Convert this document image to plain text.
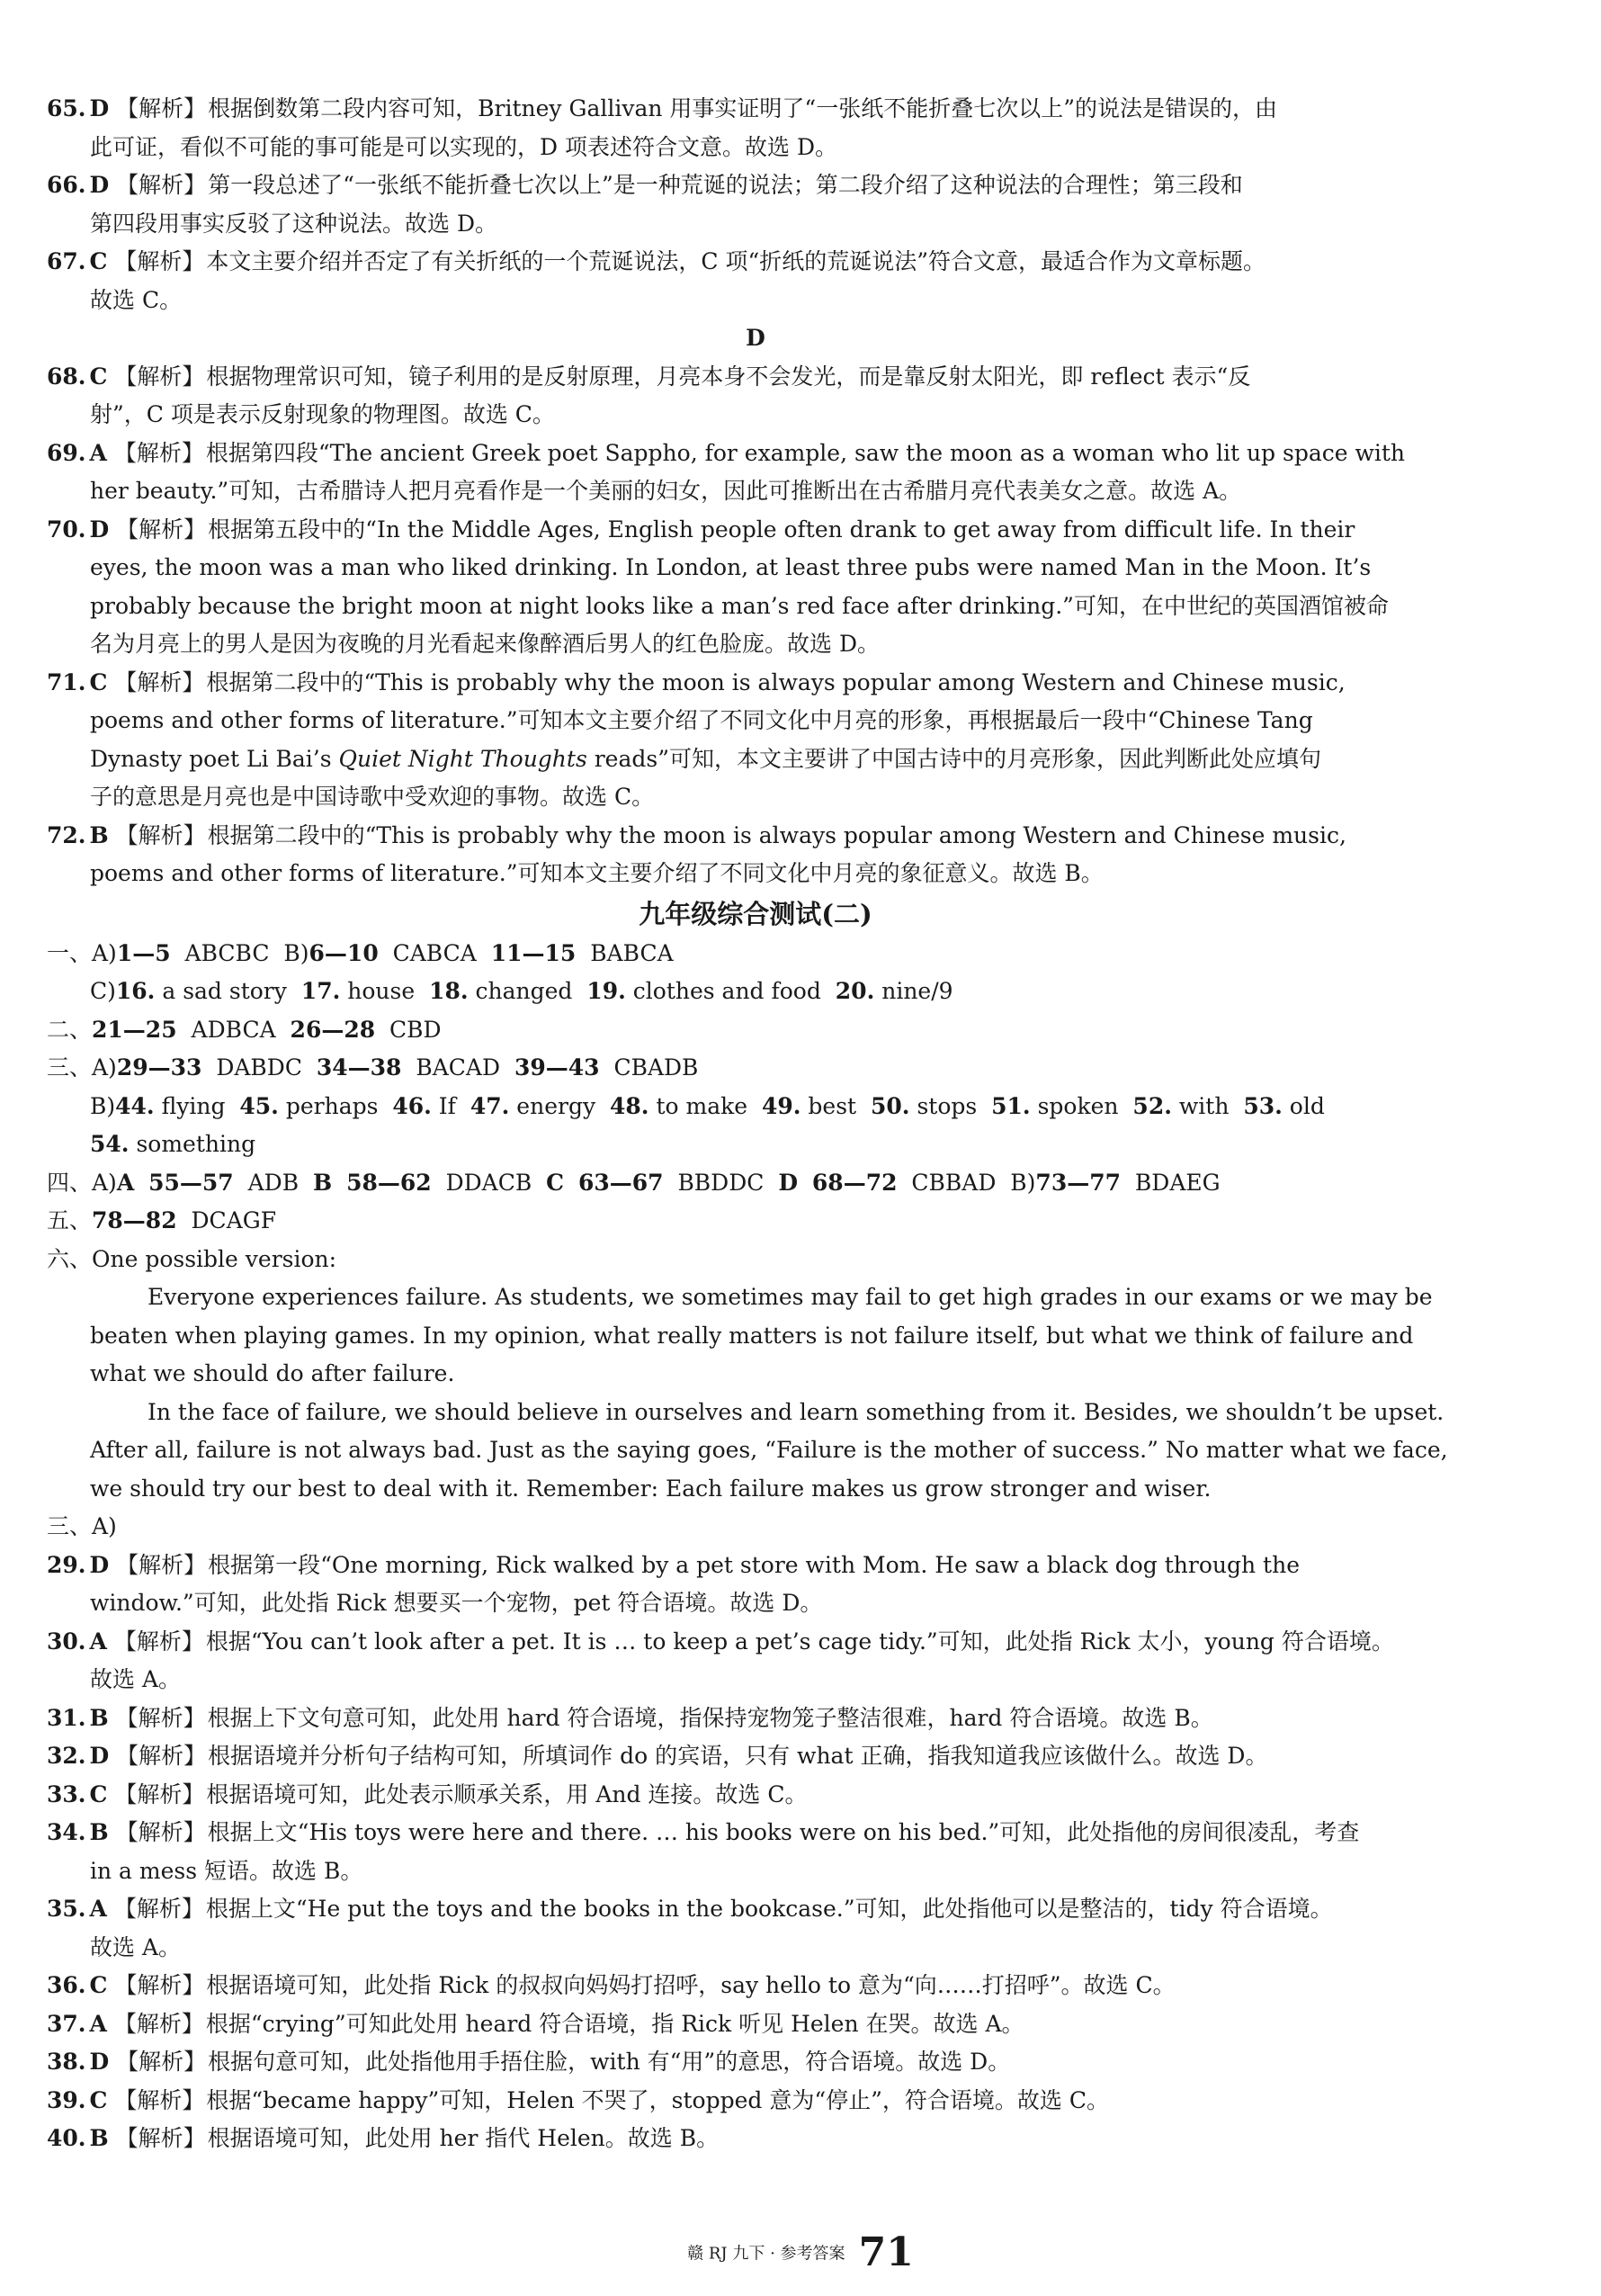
65. D 【解析】根据倒数第二段内容可知，Britney Gallivan 用事实证明了“一张纸不能折叠七次以上”的说法是错误的，由

此可证，看似不可能的事可能是可以实现的，D 项表述符合文意。故选 D。

66. D 【解析】第一段总述了“一张纸不能折叠七次以上”是一种荒诞的说法；第二段介绍了这种说法的合理性；第三段和

第四段用事实反驳了这种说法。故选 D。

67. C 【解析】本文主要介绍并否定了有关折纸的一个荒诞说法，C 项“折纸的荒诞说法”符合文意，最适合作为文章标题。

故选 C。

D

68. C 【解析】根据物理常识可知，镜子利用的是反射原理，月亮本身不会发光，而是靠反射太阳光，即 reflect 表示“反

射”，C 项是表示反射现象的物理图。故选 C。

69. A 【解析】根据第四段“The ancient Greek poet Sappho, for example, saw the moon as a woman who lit up space with

her beauty.”可知，古希腊诗人把月亮看作是一个美丽的妇女，因此可推断出在古希腊月亮代表美女之意。故选 A。

70. D 【解析】根据第五段中的“In the Middle Ages, English people often drank to get away from difficult life. In their

eyes, the moon was a man who liked drinking. In London, at least three pubs were named Man in the Moon. It’s

probably because the bright moon at night looks like a man’s red face after drinking.”可知，在中世纪的英国酒馆被命

名为月亮上的男人是因为夜晚的月光看起来像醉酒后男人的红色脸庞。故选 D。

71. C 【解析】根据第二段中的“This is probably why the moon is always popular among Western and Chinese music,

poems and other forms of literature.”可知本文主要介绍了不同文化中月亮的形象，再根据最后一段中“Chinese Tang

Dynasty poet Li Bai’s Quiet Night Thoughts reads”可知，本文主要讲了中国古诗中的月亮形象，因此判断此处应填句

子的意思是月亮也是中国诗歌中受欢迎的事物。故选 C。

72. B 【解析】根据第二段中的“This is probably why the moon is always popular among Western and Chinese music,

poems and other forms of literature.”可知本文主要介绍了不同文化中月亮的象征意义。故选 B。

九年级综合测试(二)

一、A)1—5 ABCBC B)6—10 CABCA 11—15 BABCA

C)16. a sad story 17. house 18. changed 19. clothes and food 20. nine/9

二、21—25 ADBCA 26—28 CBD

三、A)29—33 DABDC 34—38 BACAD 39—43 CBADB

B)44. flying 45. perhaps 46. If 47. energy 48. to make 49. best 50. stops 51. spoken 52. with 53. old

54. something

四、A)A 55—57 ADB B 58—62 DDACB C 63—67 BBDDC D 68—72 CBBAD B)73—77 BDAEG

五、78—82 DCAGF

六、One possible version:

Everyone experiences failure. As students, we sometimes may fail to get high grades in our exams or we may be

beaten when playing games. In my opinion, what really matters is not failure itself, but what we think of failure and

what we should do after failure.

In the face of failure, we should believe in ourselves and learn something from it. Besides, we shouldn’t be upset.

After all, failure is not always bad. Just as the saying goes, “Failure is the mother of success.” No matter what we face,

we should try our best to deal with it. Remember: Each failure makes us grow stronger and wiser.

三、A)

29. D 【解析】根据第一段“One morning, Rick walked by a pet store with Mom. He saw a black dog through the

window.”可知，此处指 Rick 想要买一个宠物，pet 符合语境。故选 D。

30. A 【解析】根据“You can’t look after a pet. It is … to keep a pet’s cage tidy.”可知，此处指 Rick 太小，young 符合语境。

故选 A。

31. B 【解析】根据上下文句意可知，此处用 hard 符合语境，指保持宠物笼子整洁很难，hard 符合语境。故选 B。

32. D 【解析】根据语境并分析句子结构可知，所填词作 do 的宾语，只有 what 正确，指我知道我应该做什么。故选 D。

33. C 【解析】根据语境可知，此处表示顺承关系，用 And 连接。故选 C。

34. B 【解析】根据上文“His toys were here and there. … his books were on his bed.”可知，此处指他的房间很凌乱，考查

in a mess 短语。故选 B。

35. A 【解析】根据上文“He put the toys and the books in the bookcase.”可知，此处指他可以是整洁的，tidy 符合语境。

故选 A。

36. C 【解析】根据语境可知，此处指 Rick 的叔叔向妈妈打招呼，say hello to 意为“向……打招呼”。故选 C。

37. A 【解析】根据“crying”可知此处用 heard 符合语境，指 Rick 听见 Helen 在哭。故选 A。

38. D 【解析】根据句意可知，此处指他用手捂住脸，with 有“用”的意思，符合语境。故选 D。

39. C 【解析】根据“became happy”可知，Helen 不哭了，stopped 意为“停止”，符合语境。故选 C。

40. B 【解析】根据语境可知，此处用 her 指代 Helen。故选 B。

赣 RJ 九下 · 参考答案 71
